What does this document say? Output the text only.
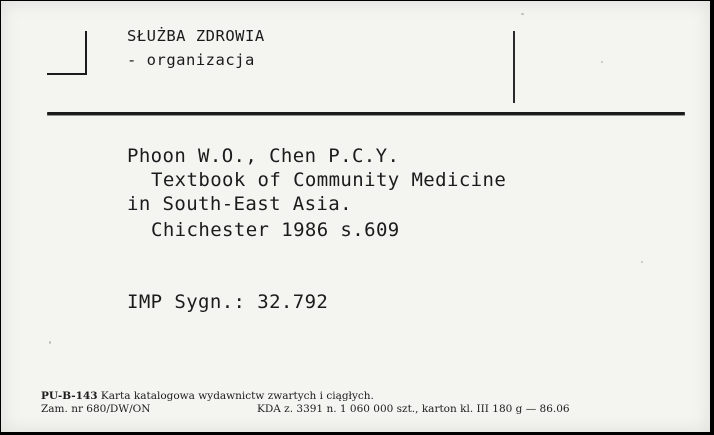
SŁUŻBA ZDROWIA

- organizacja

Phoon W.O., Chen P.C.Y.

Textbook of Community Medicine

in South-East Asia.

Chichester 1986 s.609

IMP Sygn.: 32.792

PU-B-143 Karta katalogowa wydawnictw zwartych i ciągłych.

Zam. nr 680/DW/ON	KDA z. 3391 n. 1 060 000 szt., karton kl. III 180 g — 86.06
